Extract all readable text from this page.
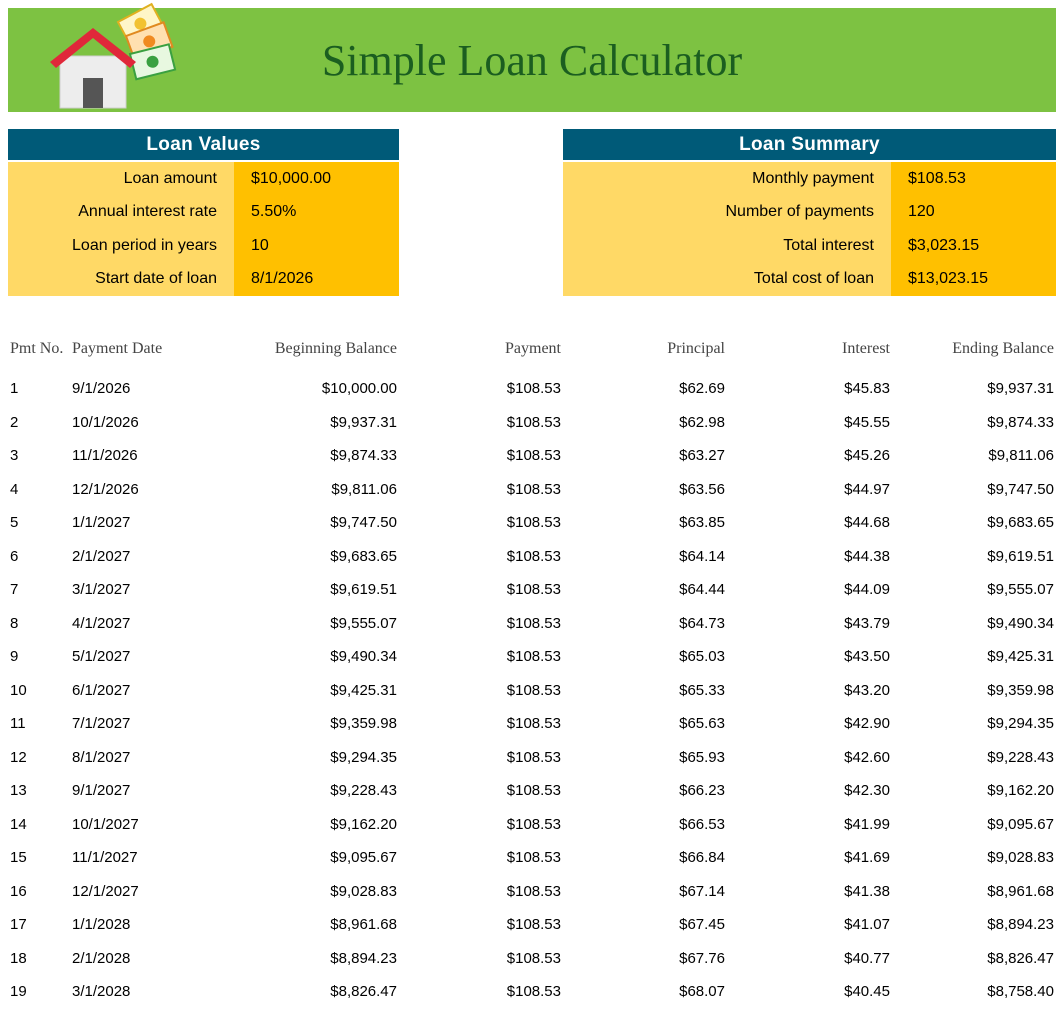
Simple Loan Calculator
Loan Values
Loan amount	$10,000.00
Annual interest rate	5.50%
Loan period in years	10
Start date of loan	8/1/2026
Loan Summary
Monthly payment	$108.53
Number of payments	120
Total interest	$3,023.15
Total cost of loan	$13,023.15
Pmt No. Payment Date	Beginning Balance	Payment	Principal	Interest	Ending Balance
1	9/1/2026	$10,000.00	$108.53	$62.69	$45.83	$9,937.31
2	10/1/2026	$9,937.31	$108.53	$62.98	$45.55	$9,874.33
3	11/1/2026	$9,874.33	$108.53	$63.27	$45.26	$9,811.06
4	12/1/2026	$9,811.06	$108.53	$63.56	$44.97	$9,747.50
5	1/1/2027	$9,747.50	$108.53	$63.85	$44.68	$9,683.65
6	2/1/2027	$9,683.65	$108.53	$64.14	$44.38	$9,619.51
7	3/1/2027	$9,619.51	$108.53	$64.44	$44.09	$9,555.07
8	4/1/2027	$9,555.07	$108.53	$64.73	$43.79	$9,490.34
9	5/1/2027	$9,490.34	$108.53	$65.03	$43.50	$9,425.31
10	6/1/2027	$9,425.31	$108.53	$65.33	$43.20	$9,359.98
11	7/1/2027	$9,359.98	$108.53	$65.63	$42.90	$9,294.35
12	8/1/2027	$9,294.35	$108.53	$65.93	$42.60	$9,228.43
13	9/1/2027	$9,228.43	$108.53	$66.23	$42.30	$9,162.20
14	10/1/2027	$9,162.20	$108.53	$66.53	$41.99	$9,095.67
15	11/1/2027	$9,095.67	$108.53	$66.84	$41.69	$9,028.83
16	12/1/2027	$9,028.83	$108.53	$67.14	$41.38	$8,961.68
17	1/1/2028	$8,961.68	$108.53	$67.45	$41.07	$8,894.23
18	2/1/2028	$8,894.23	$108.53	$67.76	$40.77	$8,826.47
19	3/1/2028	$8,826.47	$108.53	$68.07	$40.45	$8,758.40
